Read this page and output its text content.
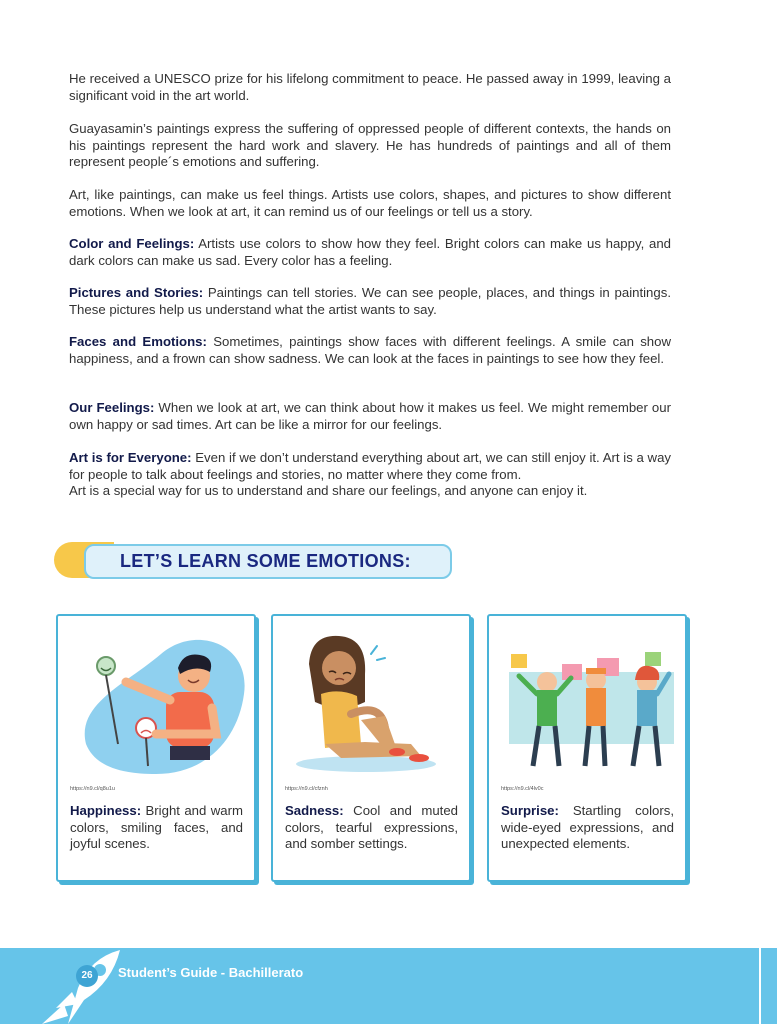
He received a UNESCO prize for his lifelong commitment to peace. He passed away in 1999, leaving a significant void in the art world.

Guayasamin’s paintings express the suffering of oppressed people of different contexts, the hands on his paintings represent the hard work and slavery. He has hundreds of paintings and all of them represent people´s emotions and suffering.

Art, like paintings, can make us feel things. Artists use colors, shapes, and pictures to show different emotions. When we look at art, it can remind us of our feelings or tell us a story.

Color and Feelings: Artists use colors to show how they feel. Bright colors can make us happy, and dark colors can make us sad. Every color has a feeling.

Pictures and Stories: Paintings can tell stories. We can see people, places, and things in paintings. These pictures help us understand what the artist wants to say.

Faces and Emotions: Sometimes, paintings show faces with different feelings. A smile can show happiness, and a frown can show sadness. We can look at the faces in paintings to see how they feel.

Our Feelings: When we look at art, we can think about how it makes us feel. We might remember our own happy or sad times. Art can be like a mirror for our feelings.

Art is for Everyone: Even if we don’t understand everything about art, we can still enjoy it. Art is a way for people to talk about feelings and stories, no matter where they come from.

Art is a special way for us to understand and share our feelings, and anyone can enjoy it.

LET’S LEARN SOME EMOTIONS:
https://n9.cl/q8u1u
Happiness: Bright and warm colors, smiling faces, and joyful scenes.
https://n9.cl/cfznh
Sadness: Cool and muted colors, tearful expressions, and somber settings.
https://n9.cl/4lv0c
Surprise: Startling colors, wide-eyed expressions, and unexpected elements.
26	Student’s Guide - Bachillerato
